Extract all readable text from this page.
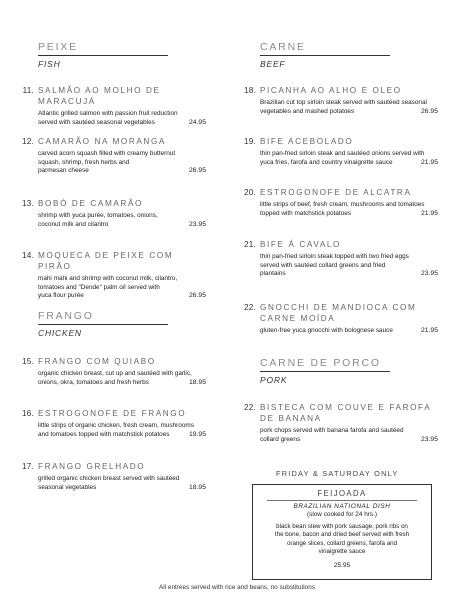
PEIXE
FISH
11. SALMÃO AO MOLHO DE MARACUJÁ

Atlantic grilled salmon with passion fruit reduction

served with sautéed seasonal vegetables	24.95
12. CAMARÃO NA MORANGA

carved acorn squash filled with creamy butternut

squash, shrimp, fresh herbs and

parmesan cheese	26.95
13. BOBÓ DE CAMARÃO

shrimp with yuca purée, tomatoes, onions,

coconut milk and cilantro	23.95
14. MOQUECA DE PEIXE COM PIRÃO

mahi mahi and shrimp with coconut milk, cilantro,

tomatoes and "Dende" palm oil served with

yuca flour purée	26.95
FRANGO
CHICKEN
15. FRANGO COM QUIABO

organic chicken breast, cut up and sautéed with garlic,

onions, okra, tomatoes and fresh herbs	18.95
16. ESTROGONOFE DE FRANGO

little strips of organic chicken, fresh cream, mushrooms

and tomatoes topped with matchstick potatoes	19.95
17. FRANGO GRELHADO

grilled organic chicken breast served with sautéed

seasonal vegetables	18.95
CARNE
BEEF
18. PICANHA AO ALHO E OLEO

Brazilian cut top sirloin steak served with sautéed seasonal

vegetables and mashed potatoes	26.95
19. BIFE ACEBOLADO

thin pan-fried sirloin steak and sautéed onions served with

yuca fries, farofa and country vinaigrette sauce	21.95
20. ESTROGONOFE DE ALCATRA

little strips of beef, fresh cream, mushrooms and tomatoes

topped with matchstick potatoes	21.95
21. BIFE Á CAVALO

thin pan-fried sirloin steak topped with two fried eggs

served with sautéed collard greens and fried

plantains	23.95
22. GNOCCHI DE MANDIOCA COM CARNE MOÍDA

gluten-free yuca gnocchi with bolognese sauce	21.95
CARNE DE PORCO
PORK
22. BISTECA COM COUVE E FAROFA DE BANANA

pork chops served with banana farofa and sautéed

collard greens	23.95
FRIDAY & SATURDAY ONLY
FEIJOADA
BRAZILIAN NATIONAL DISH
(slow cooked for 24 hrs.)

black bean stew with pork sausage, pork ribs on

the bone, bacon and dried beef served with fresh

orange slices, collard greens, farofa and

vinaigrette sauce

25.95
All entrees served with rice and beans, no substitutions
